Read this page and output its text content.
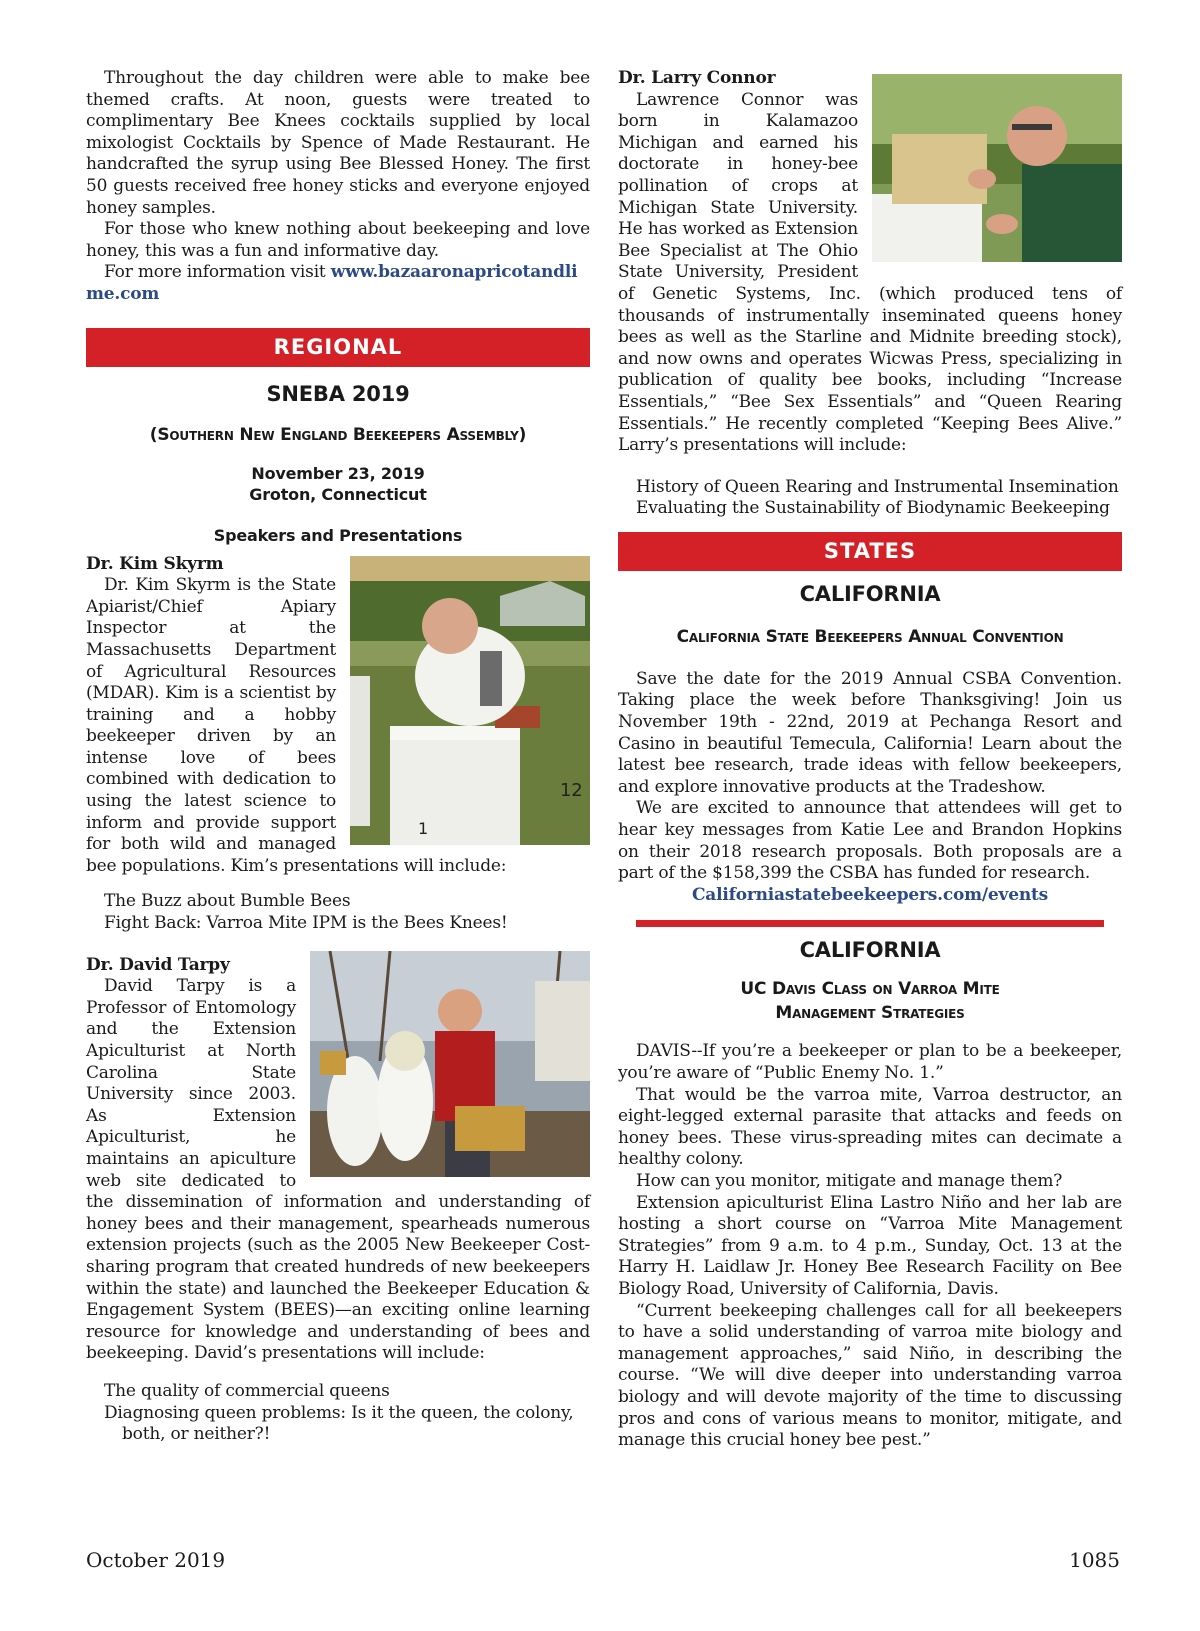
Throughout the day children were able to make bee themed crafts. At noon, guests were treated to complimentary Bee Knees cocktails supplied by local mixologist Cocktails by Spence of Made Restaurant. He handcrafted the syrup using Bee Blessed Honey. The first 50 guests received free honey sticks and everyone enjoyed honey samples.

For those who knew nothing about beekeeping and love honey, this was a fun and informative day.

For more information visit www.bazaaronapricotandlime.com

REGIONAL
SNEBA 2019
(Southern New England Beekeepers Assembly)
November 23, 2019
Groton, Connecticut
Speakers and Presentations
12
1

Dr. Kim Skyrm

Dr. Kim Skyrm is the State Apiarist/Chief Apiary Inspector at the Massachusetts Department of Agricultural Resources (MDAR). Kim is a scientist by training and a hobby beekeeper driven by an intense love of bees combined with dedication to using the latest science to inform and provide support for both wild and managed bee populations. Kim’s presentations will include:

The Buzz about Bumble Bees
Fight Back: Varroa Mite IPM is the Bees Knees!

Dr. David Tarpy

David Tarpy is a Professor of Entomology and the Extension Apiculturist at North Carolina State University since 2003. As Extension Apiculturist, he maintains an apiculture web site dedicated to the dissemination of information and understanding of honey bees and their management, spearheads numerous extension projects (such as the 2005 New Beekeeper Cost-sharing program that created hundreds of new beekeepers within the state) and launched the Beekeeper Education & Engagement System (BEES)—an exciting online learning resource for knowledge and understanding of bees and beekeeping. David’s presentations will include:

The quality of commercial queens
Diagnosing queen problems: Is it the queen, the colony, both, or neither?!

Dr. Larry Connor

Lawrence Connor was born in Kalamazoo Michigan and earned his doctorate in honey-bee pollination of crops at Michigan State University. He has worked as Extension Bee Specialist at The Ohio State University, President of Genetic Systems, Inc. (which produced tens of thousands of instrumentally inseminated queens honey bees as well as the Starline and Midnite breeding stock), and now owns and operates Wicwas Press, specializing in publication of quality bee books, including “Increase Essentials,” “Bee Sex Essentials” and “Queen Rearing Essentials.” He recently completed “Keeping Bees Alive.” Larry’s presentations will include:

History of Queen Rearing and Instrumental Insemination
Evaluating the Sustainability of Biodynamic Beekeeping
STATES
CALIFORNIA
California State Beekeepers Annual Convention

Save the date for the 2019 Annual CSBA Convention. Taking place the week before Thanksgiving! Join us November 19th - 22nd, 2019 at Pechanga Resort and Casino in beautiful Temecula, California! Learn about the latest bee research, trade ideas with fellow beekeepers, and explore innovative products at the Tradeshow.

We are excited to announce that attendees will get to hear key messages from Katie Lee and Brandon Hopkins on their 2018 research proposals. Both proposals are a part of the $158,399 the CSBA has funded for research.

Californiastatebeekeepers.com/events
CALIFORNIA
UC Davis Class on Varroa Mite
Management Strategies

DAVIS--If you’re a beekeeper or plan to be a beekeeper, you’re aware of “Public Enemy No. 1.”

That would be the varroa mite, Varroa destructor, an eight-legged external parasite that attacks and feeds on honey bees. These virus-spreading mites can decimate a healthy colony.

How can you monitor, mitigate and manage them?

Extension apiculturist Elina Lastro Niño and her lab are hosting a short course on “Varroa Mite Management Strategies” from 9 a.m. to 4 p.m., Sunday, Oct. 13 at the Harry H. Laidlaw Jr. Honey Bee Research Facility on Bee Biology Road, University of California, Davis.

“Current beekeeping challenges call for all beekeepers to have a solid understanding of varroa mite biology and management approaches,” said Niño, in describing the course. “We will dive deeper into understanding varroa biology and will devote majority of the time to discussing pros and cons of various means to monitor, mitigate, and manage this crucial honey bee pest.”

October 2019	1085
